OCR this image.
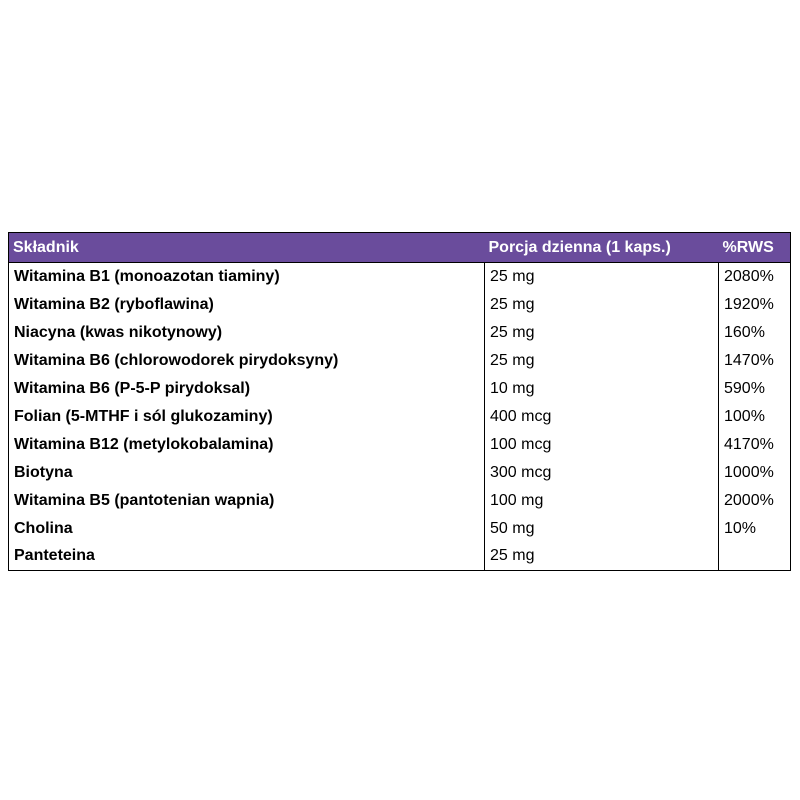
Składnik	Porcja dzienna (1 kaps.)	%RWS
Witamina B1 (monoazotan tiaminy)	25 mg	2080%
Witamina B2 (ryboflawina)	25 mg	1920%
Niacyna (kwas nikotynowy)	25 mg	160%
Witamina B6 (chlorowodorek pirydoksyny)	25 mg	1470%
Witamina B6 (P-5-P pirydoksal)	10 mg	590%
Folian (5-MTHF i sól glukozaminy)	400 mcg	100%
Witamina B12 (metylokobalamina)	100 mcg	4170%
Biotyna	300 mcg	1000%
Witamina B5 (pantotenian wapnia)	100 mg	2000%
Cholina	50 mg	10%
Panteteina	25 mg	
